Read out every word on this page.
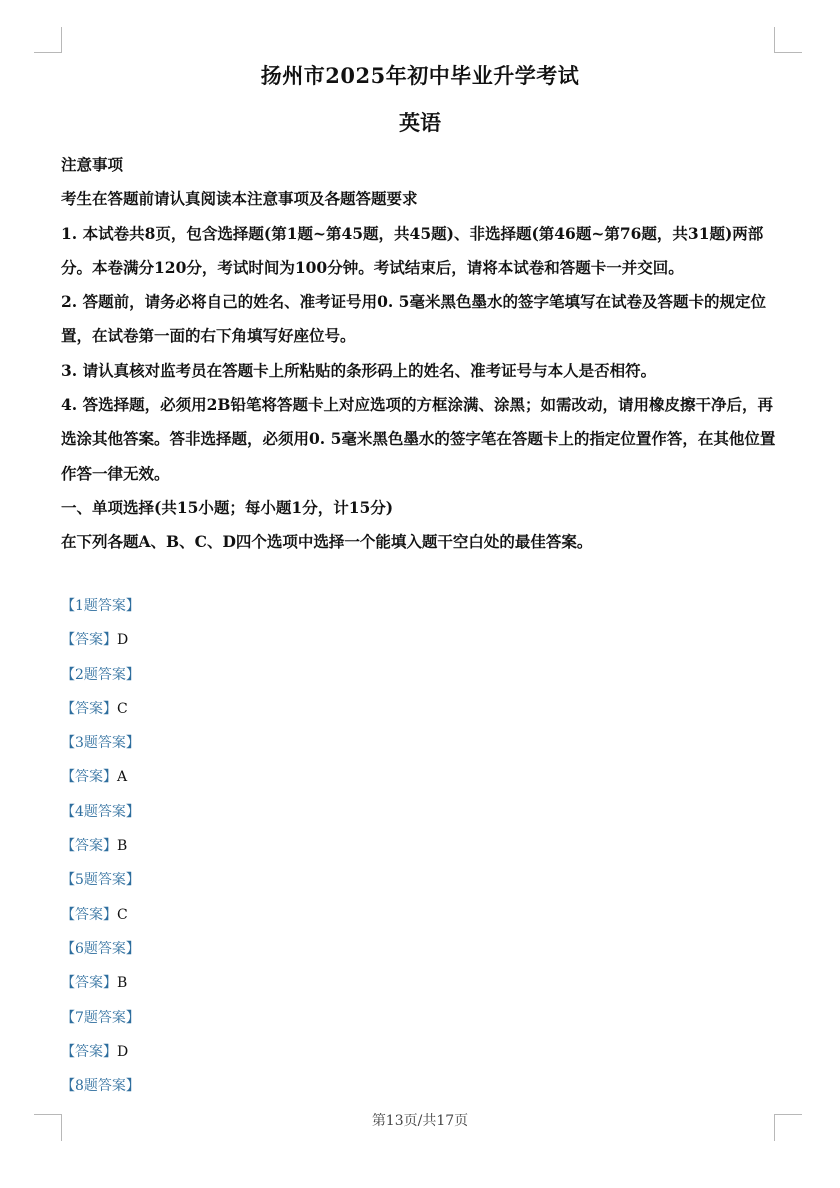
扬州市2025年初中毕业升学考试
英语

注意事项

考生在答题前请认真阅读本注意事项及各题答题要求

1. 本试卷共8页，包含选择题(第1题~第45题，共45题)、非选择题(第46题~第76题，共31题)两部分。本卷满分120分，考试时间为100分钟。考试结束后，请将本试卷和答题卡一并交回。

2. 答题前，请务必将自己的姓名、准考证号用0. 5毫米黑色墨水的签字笔填写在试卷及答题卡的规定位置，在试卷第一面的右下角填写好座位号。

3. 请认真核对监考员在答题卡上所粘贴的条形码上的姓名、准考证号与本人是否相符。

4. 答选择题，必须用2B铅笔将答题卡上对应选项的方框涂满、涂黑；如需改动，请用橡皮擦干净后，再选涂其他答案。答非选择题，必须用0. 5毫米黑色墨水的签字笔在答题卡上的指定位置作答，在其他位置作答一律无效。

一、单项选择(共15小题；每小题1分，计15分)

在下列各题A、B、C、D四个选项中选择一个能填入题干空白处的最佳答案。

【1题答案】
【答案】D
【2题答案】
【答案】C
【3题答案】
【答案】A
【4题答案】
【答案】B
【5题答案】
【答案】C
【6题答案】
【答案】B
【7题答案】
【答案】D
【8题答案】
第13页/共17页
